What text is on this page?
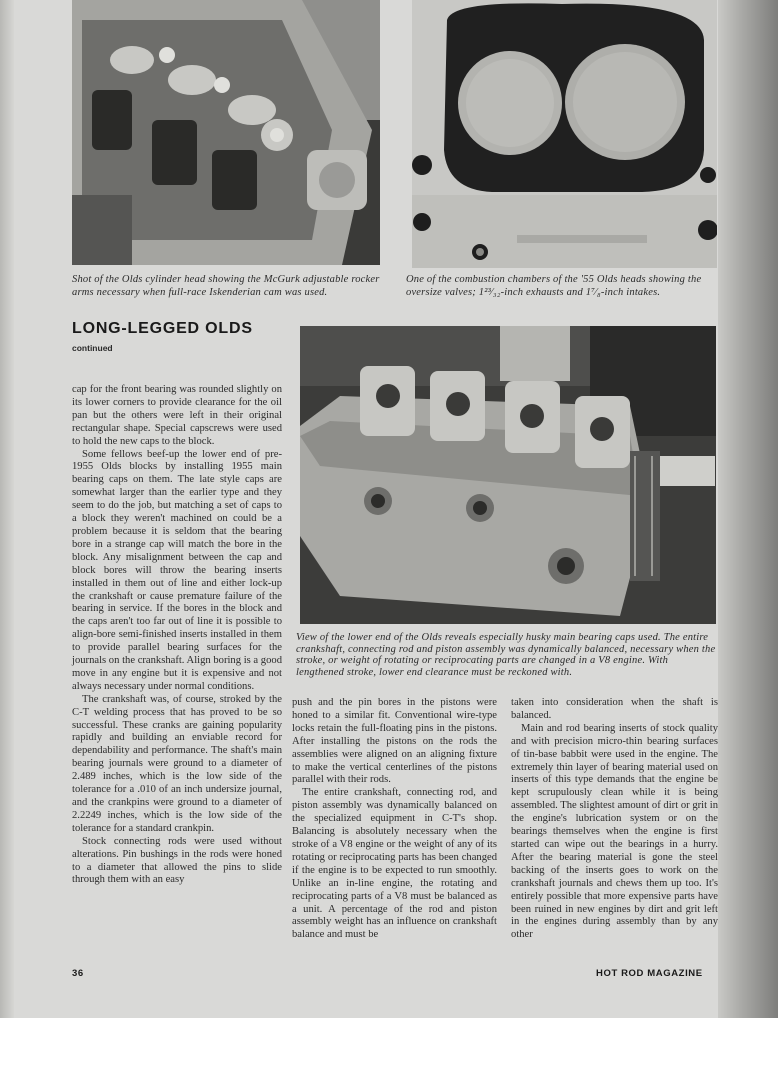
Shot of the Olds cylinder head showing the McGurk adjustable rocker arms necessary when full-race Iskenderian cam was used.
One of the combustion chambers of the '55 Olds heads showing the oversize valves; 1²³⁄₃₂-inch exhausts and 1⁷⁄₈-inch intakes.
LONG-LEGGED OLDS
continued
View of the lower end of the Olds reveals especially husky main bearing caps used. The entire crankshaft, connecting rod and piston assembly was dynamically balanced, necessary when the stroke, or weight of rotating or reciprocating parts are changed in a V8 engine. With lengthened stroke, lower end clearance must be reckoned with.

cap for the front bearing was rounded slightly on its lower corners to provide clearance for the oil pan but the others were left in their original rectangular shape. Special capscrews were used to hold the new caps to the block.

Some fellows beef-up the lower end of pre-1955 Olds blocks by installing 1955 main bearing caps on them. The late style caps are somewhat larger than the earlier type and they seem to do the job, but matching a set of caps to a block they weren't machined on could be a problem because it is seldom that the bearing bore in a strange cap will match the bore in the block. Any misalignment between the cap and block bores will throw the bearing inserts installed in them out of line and either lock-up the crankshaft or cause premature failure of the bearing in service. If the bores in the block and the caps aren't too far out of line it is possible to align-bore semi-finished inserts installed in them to provide parallel bearing surfaces for the journals on the crankshaft. Align boring is a good move in any engine but it is expensive and not always necessary under normal conditions.

The crankshaft was, of course, stroked by the C-T welding process that has proved to be so successful. These cranks are gaining popularity rapidly and building an enviable record for dependability and performance. The shaft's main bearing journals were ground to a diameter of 2.489 inches, which is the low side of the tolerance for a .010 of an inch undersize journal, and the crankpins were ground to a diameter of 2.2249 inches, which is the low side of the tolerance for a standard crankpin.

Stock connecting rods were used without alterations. Pin bushings in the rods were honed to a diameter that allowed the pins to slide through them with an easy

push and the pin bores in the pistons were honed to a similar fit. Conventional wire-type locks retain the full-floating pins in the pistons. After installing the pistons on the rods the assemblies were aligned on an aligning fixture to make the vertical centerlines of the pistons parallel with their rods.

The entire crankshaft, connecting rod, and piston assembly was dynamically balanced on the specialized equipment in C-T's shop. Balancing is absolutely necessary when the stroke of a V8 engine or the weight of any of its rotating or reciprocating parts has been changed if the engine is to be expected to run smoothly. Unlike an in-line engine, the rotating and reciprocating parts of a V8 must be balanced as a unit. A percentage of the rod and piston assembly weight has an influence on crankshaft balance and must be

taken into consideration when the shaft is balanced.

Main and rod bearing inserts of stock quality and with precision micro-thin bearing surfaces of tin-base babbit were used in the engine. The extremely thin layer of bearing material used on inserts of this type demands that the engine be kept scrupulously clean while it is being assembled. The slightest amount of dirt or grit in the engine's lubrication system or on the bearings themselves when the engine is first started can wipe out the bearings in a hurry. After the bearing material is gone the steel backing of the inserts goes to work on the crankshaft journals and chews them up too. It's entirely possible that more expensive parts have been ruined in new engines by dirt and grit left in the engines during assembly than by any other

36	HOT ROD MAGAZINE
